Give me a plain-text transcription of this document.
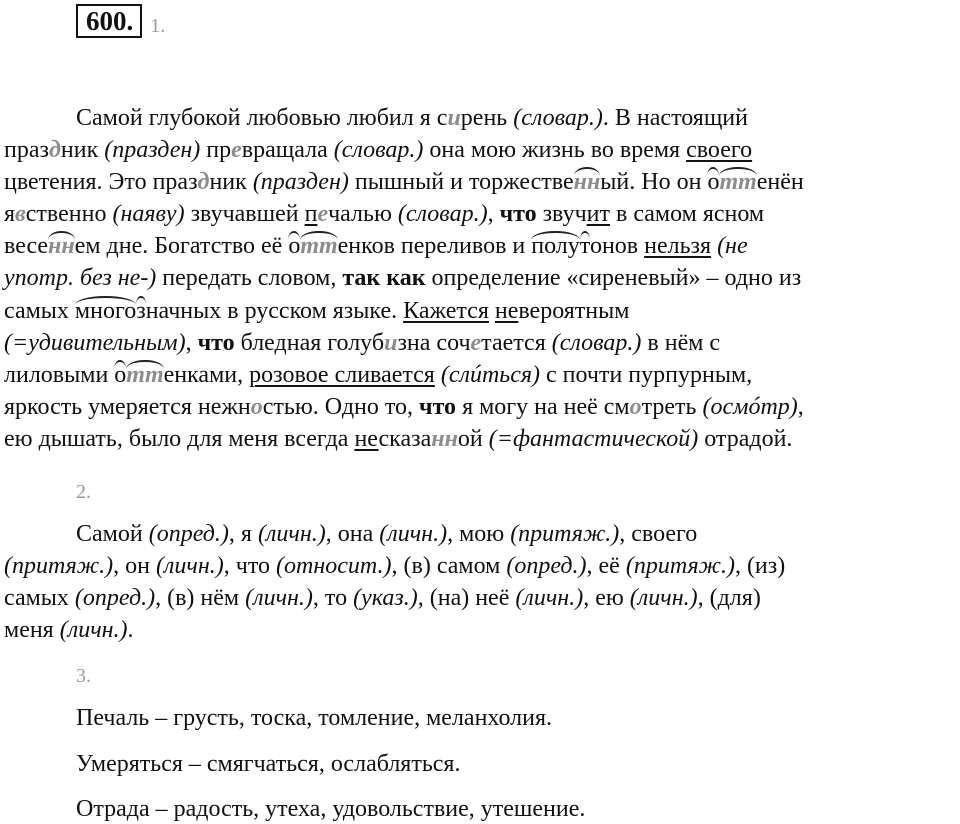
600. 1.
Самой глубокой любовью любил я сирень (словар.). В настоящий
праздник (празден) превращала (словар.) она мою жизнь во время своего
цветения. Это праздник (празден) пышный и торжественный. Но он оттенён
явственно (наяву) звучавшей печалью (словар.), что звучит в самом ясном
весеннем дне. Богатство её оттенков переливов и полутонов нельзя (не
употр. без не-) передать словом, так как определение «сиреневый» – одно из
самых многозначных в русском языке. Кажется невероятным
(=удивительным), что бледная голубизна сочетается (словар.) в нём с
лиловыми оттенками, розовое сливается (слúться) с почти пурпурным,
яркость умеряется нежностью. Одно то, что я могу на неё смотреть (осмóтр),
ею дышать, было для меня всегда несказанной (=фантастической) отрадой.
2.
Самой (опред.), я (личн.), она (личн.), мою (притяж.), своего
(притяж.), он (личн.), что (относит.), (в) самом (опред.), её (притяж.), (из)
самых (опред.), (в) нём (личн.), то (указ.), (на) неё (личн.), ею (личн.), (для)
меня (личн.).
3.
Печаль – грусть, тоска, томление, меланхолия.
Умеряться – смягчаться, ослабляться.
Отрада – радость, утеха, удовольствие, утешение.
